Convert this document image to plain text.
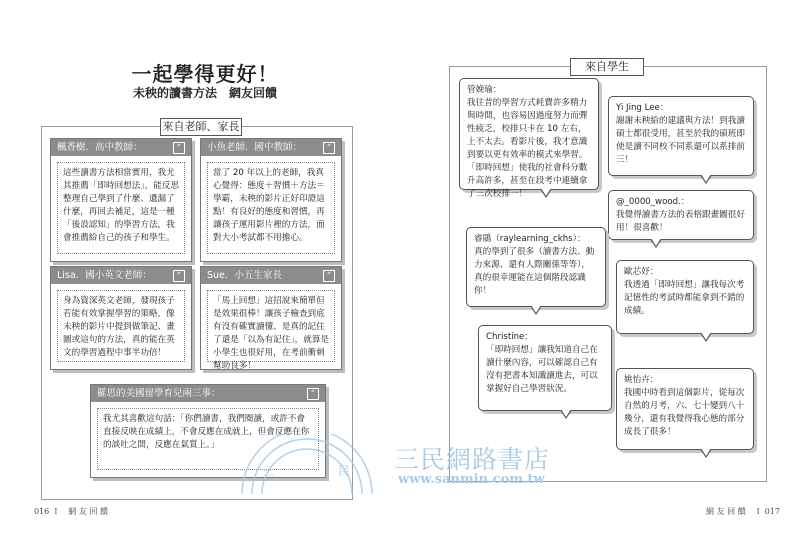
一起學得更好！
未秧的讀書方法　網友回饋
來自老師、家長
楓香樹．高中教師：	“
這些讀書方法相當實用，我尤其推薦「即時回想法」，能反思整理自己學到了什麼、遺漏了什麼，再回去補足，這是一種「後設認知」的學習方法，我會推薦給自己的孩子和學生。
小魚老師．國中教師：	“
當了 20 年以上的老師，我真心覺得：態度＋習慣＋方法＝學霸，未秧的影片正好印證這點！有良好的態度和習慣，再讓孩子運用影片裡的方法，面對大小考試都不用擔心。
Lisa．國小英文老師：	“
身為資深英文老師，發現孩子若能有效掌握學習的策略，像未秧的影片中提到做筆記、畫圖或這句的方法，真的能在英文的學習過程中事半功倍！
Sue．小五生家長	“
「馬上回想」這招說來簡單但是效果很棒！讓孩子檢查到底有沒有確實讀懂、是真的記住了還是「以為有記住」，就算是小學生也很好用，在考前衝刺幫助良多！
羅思的美國留學育兒兩三事：	“
我尤其喜歡這句話：「你們讀書，我們閱讀，或許不會直接反映在成績上，不會反應在成就上，但會反應在你的談吐之間，反應在氣質上。」
016 Ｉ 網 友 回 饋
來自學生
管娩瑜：
我往昔的學習方式耗費許多精力與時間，也容易因過度努力而彈性疲乏，校排只卡在 10 左右，上不太去。看影片後，我才意識到要以更有效率的模式來學習。「即時回想」使我的社會科分數升高許多，甚至在段考中連續拿了三次校排一！
Yi Jing Lee：
謝謝未秧給的建議與方法！到我讀碩士都很受用，甚至於我的碩班即使是讀不同校不同系還可以系排前三！
@_0000_wood.：
我覺得讀書方法的表格跟畫圖很好用！很喜歡！
睿鵑（raylearning_ckhs）：
真的學到了很多（讀書方法、動力來源、還有人際關係等等），真的很幸運能在這個階段認識你！
歐芯妤：
我透過「即時回想」讓我每次考記憶性的考試時都能拿到不錯的成績。
Christine：
「即時回想」讓我知道自己在讀什麼內容，可以確認自己有沒有把書本知識讀進去，可以掌握好自己學習狀況。
姚怡卉：
我國中時看到這個影片，從每次自然的月考，六、七十變到八十幾分，還有我覺得我心態的部分成長了很多！
網 友 回 饋 Ｉ 017
三	民 三民網路書店
www.sanmin.com.tw
